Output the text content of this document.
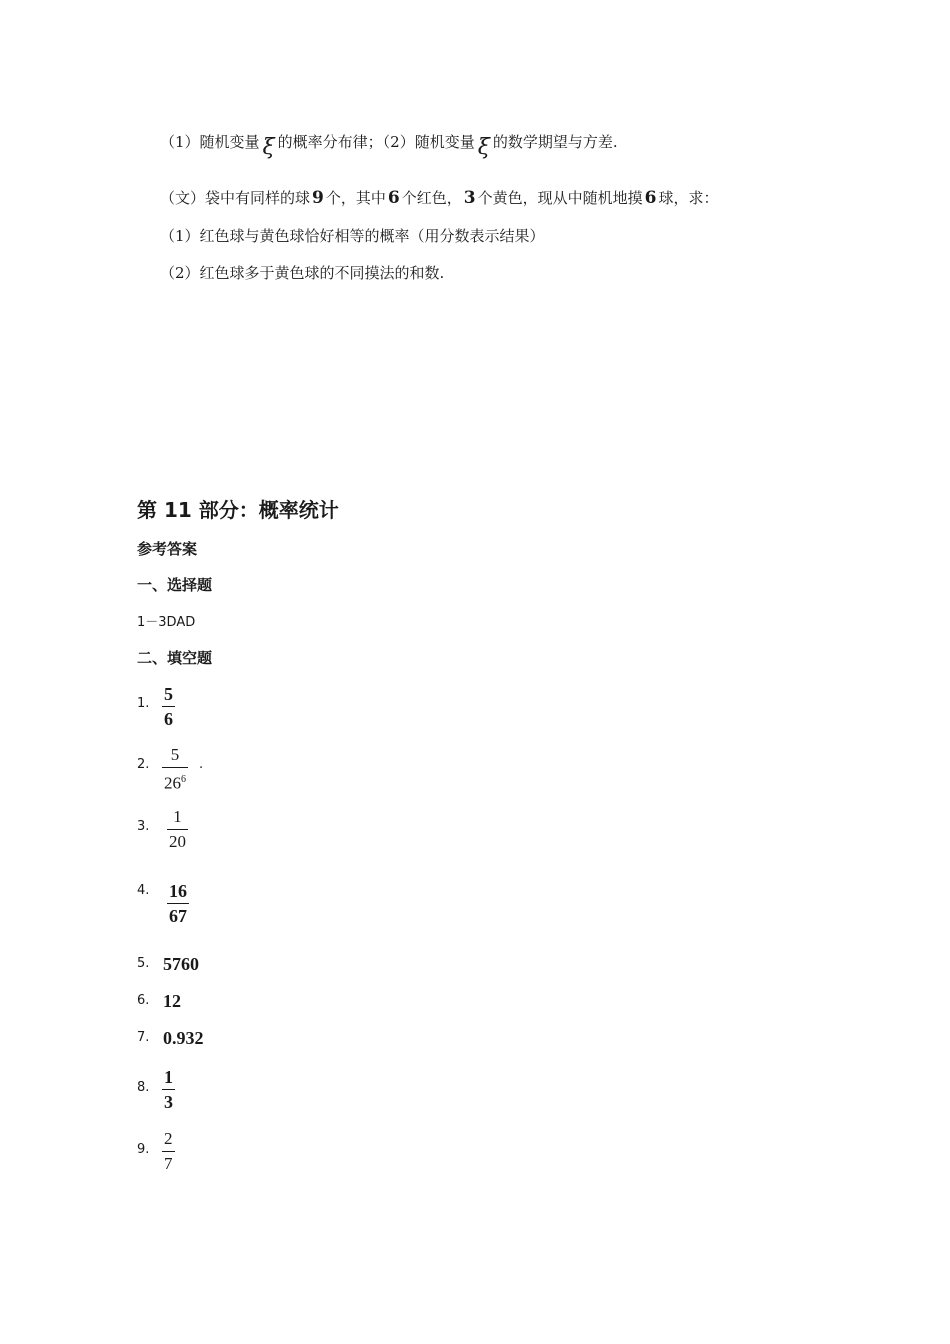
（1）随机变量 ξ 的概率分布律；（2）随机变量 ξ 的数学期望与方差.
（文）袋中有同样的球 9 个，其中 6 个红色， 3 个黄色，现从中随机地摸 6 球，求：
（1）红色球与黄色球恰好相等的概率（用分数表示结果）
（2）红色球多于黄色球的不同摸法的和数.
第 11 部分：概率统计
参考答案
一、选择题
1－3DAD
二、填空题
1. $\frac{5}{6}$
2. $\frac{5}{26^6}$ .
3. $\frac{1}{20}$
4. $\frac{16}{67}$
5. 5760
6. 12
7. 0.932
8. $\frac{1}{3}$
9. $\frac{2}{7}$
